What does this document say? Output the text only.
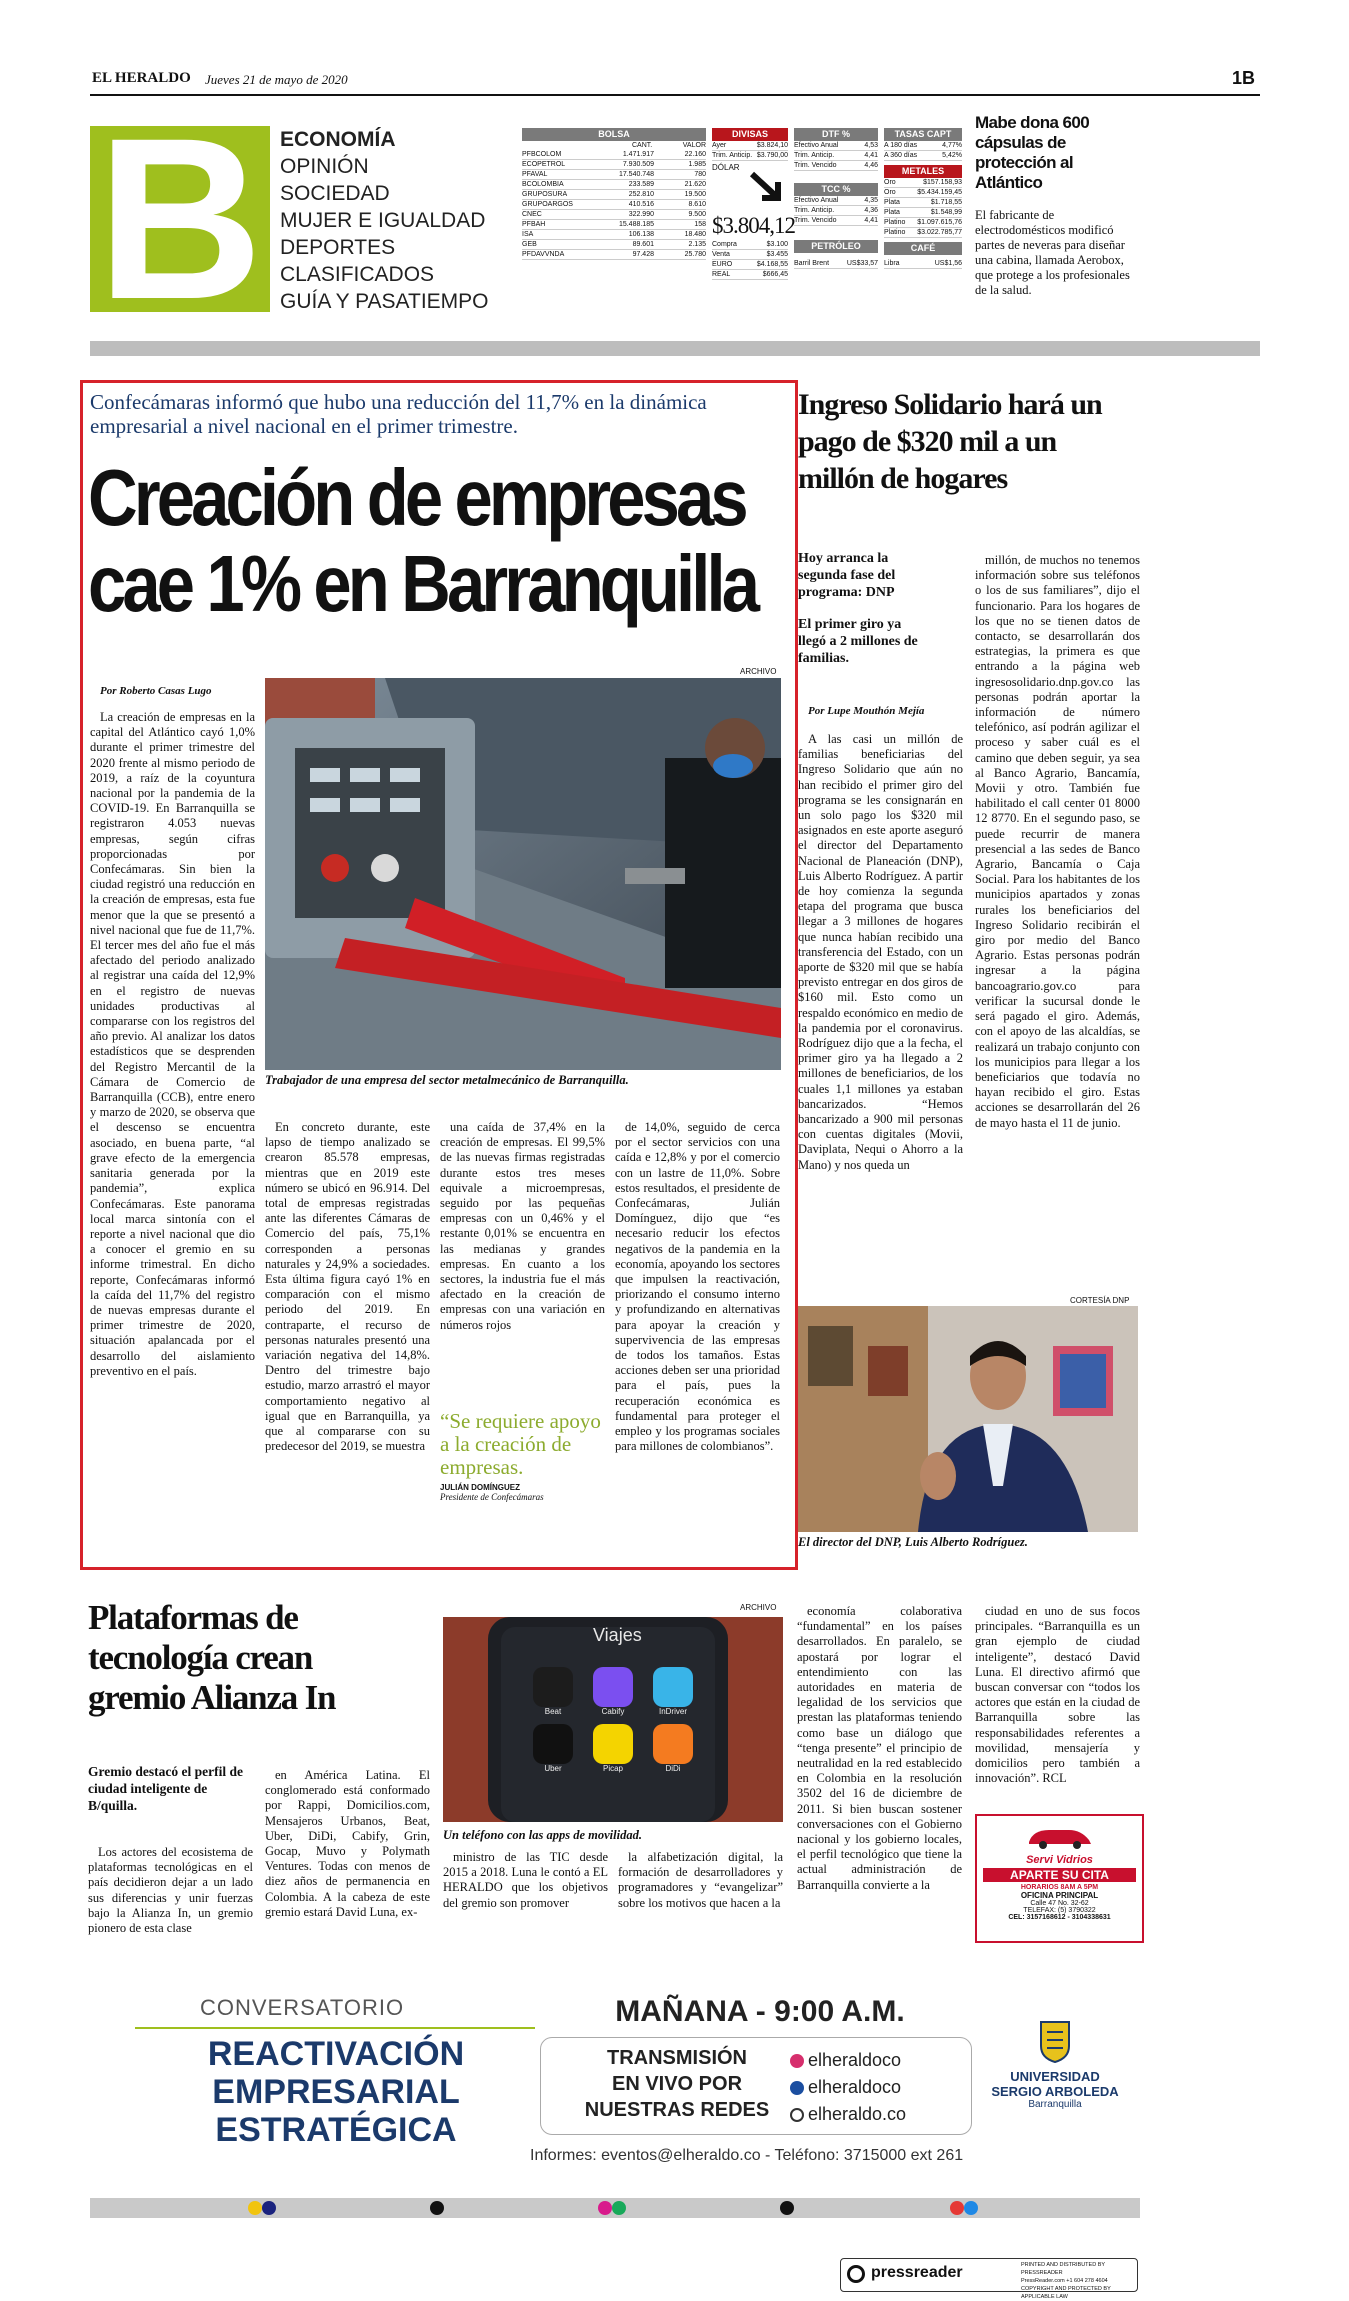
EL HERALDO Jueves 21 de mayo de 2020	1B
B ECONOMÍA
OPINIÓN
SOCIEDAD
MUJER E IGUALDAD
DEPORTES
CLASIFICADOS
GUÍA Y PASATIEMPO
BOLSA
CANT.	VALOR
PFBCOLOM	1.471.917	22.160
ECOPETROL	7.930.509	1.985
PFAVAL	17.540.748	780
BCOLOMBIA	233.589	21.620
GRUPOSURA	252.810	19.500
GRUPOARGOS	410.516	8.610
CNEC	322.990	9.500
PFBAH	15.488.185	158
ISA	106.138	18.480
GEB	89.601	2.135
PFDAVVNDA	97.428	25.780
DIVISAS
Ayer	$3.824,10
Trim. Anticip. $3.790,00
DÓLAR
$3.804,12
Compra	$3.100
Venta	$3.455
EURO	$4.168,55
REAL	$666,45
DTF %
Efectivo Anual	4,53
Trim. Anticip.	4,41
Trim. Vencido	4,46
TCC %
Efectivo Anual	4,35
Trim. Anticip.	4,36
Trim. Vencido	4,41
PETRÓLEO
Barril Brent	US$33,57
TASAS CAPT
A 180 días	4,77%
A 360 días	5,42%
METALES
Oro	$157.158,93
Oro	$5.434.159,45
Plata	$1.718,55
Plata	$1.548,99
Platino $1.097.615,76
Platino $3.022.785,77
CAFÉ
Libra	US$1,56
Mabe dona 600 cápsulas de protección al Atlántico
El fabricante de electrodomésticos modificó partes de neveras para diseñar una cabina, llamada Aerobox, que protege a los profesionales de la salud.
Confecámaras informó que hubo una reducción del 11,7% en la dinámica empresarial a nivel nacional en el primer trimestre.
Creación de empresas
cae 1% en Barranquilla
Por Roberto Casas Lugo
ARCHIVO
Trabajador de una empresa del sector metalmecánico de Barranquilla.

La creación de empresas en la capital del Atlántico cayó 1,0% durante el primer trimestre del 2020 frente al mismo periodo de 2019, a raíz de la coyuntura nacional por la pandemia de la COVID-19. En Barranquilla se registraron 4.053 nuevas empresas, según cifras proporcionadas por Confecámaras. Sin bien la ciudad registró una reducción en la creación de empresas, esta fue menor que la que se presentó a nivel nacional que fue de 11,7%. El tercer mes del año fue el más afectado del periodo analizado al registrar una caída del 12,9% en el registro de nuevas unidades productivas al compararse con los registros del año previo. Al analizar los datos estadísticos que se desprenden del Registro Mercantil de la Cámara de Comercio de Barranquilla (CCB), entre enero y marzo de 2020, se observa que el descenso se encuentra asociado, en buena parte, “al grave efecto de la emergencia sanitaria generada por la pandemia”, explica Confecámaras. Este panorama local marca sintonía con el reporte a nivel nacional que dio a conocer el gremio en su informe trimestral. En dicho reporte, Confecámaras informó la caída del 11,7% del registro de nuevas empresas durante el primer trimestre de 2020, situación apalancada por el desarrollo del aislamiento preventivo en el país.

En concreto durante, este lapso de tiempo analizado se crearon 85.578 empresas, mientras que en 2019 este número se ubicó en 96.914. Del total de empresas registradas ante las diferentes Cámaras de Comercio del país, 75,1% corresponden a personas naturales y 24,9% a sociedades. Esta última figura cayó 1% en comparación con el mismo periodo del 2019. En contraparte, el recurso de personas naturales presentó una variación negativa del 14,8%. Dentro del trimestre bajo estudio, marzo arrastró el mayor comportamiento negativo al igual que en Barranquilla, ya que al compararse con su predecesor del 2019, se muestra

una caída de 37,4% en la creación de empresas. El 99,5% de las nuevas firmas registradas durante estos tres meses equivale a microempresas, seguido por las pequeñas empresas con un 0,46% y el restante 0,01% se encuentra en las medianas y grandes empresas. En cuanto a los sectores, la industria fue el más afectado en la creación de empresas con una variación en números rojos

“Se requiere apoyo a la creación de empresas.
JULIÁN DOMÍNGUEZ
Presidente de Confecámaras

de 14,0%, seguido de cerca por el sector servicios con una caída e 12,8% y por el comercio con un lastre de 11,0%. Sobre estos resultados, el presidente de Confecámaras, Julián Domínguez, dijo que “es necesario reducir los efectos negativos de la pandemia en la economía, apoyando los sectores que impulsen la reactivación, priorizando el consumo interno y profundizando en alternativas para apoyar la creación y supervivencia de las empresas de todos los tamaños. Estas acciones deben ser una prioridad para el país, pues la recuperación económica es fundamental para proteger el empleo y los programas sociales para millones de colombianos”.

Ingreso Solidario hará un pago de $320 mil a un millón de hogares
Hoy arranca la segunda fase del programa: DNP
El primer giro ya llegó a 2 millones de familias.
Por Lupe Mouthón Mejía

A las casi un millón de familias beneficiarias del Ingreso Solidario que aún no han recibido el primer giro del programa se les consignarán en un solo pago los $320 mil asignados en este aporte aseguró el director del Departamento Nacional de Planeación (DNP), Luis Alberto Rodríguez. A partir de hoy comienza la segunda etapa del programa que busca llegar a 3 millones de hogares que nunca habían recibido una transferencia del Estado, con un aporte de $320 mil que se había previsto entregar en dos giros de $160 mil. Esto como un respaldo económico en medio de la pandemia por el coronavirus. Rodríguez dijo que a la fecha, el primer giro ya ha llegado a 2 millones de beneficiarios, de los cuales 1,1 millones ya estaban bancarizados. “Hemos bancarizado a 900 mil personas con cuentas digitales (Movii, Daviplata, Nequi o Ahorro a la Mano) y nos queda un

millón, de muchos no tenemos información sobre sus teléfonos o los de sus familiares”, dijo el funcionario. Para los hogares de los que no se tienen datos de contacto, se desarrollarán dos estrategias, la primera es que entrando a la página web ingresosolidario.dnp.gov.co las personas podrán aportar la información de número telefónico, así podrán agilizar el proceso y saber cuál es el camino que deben seguir, ya sea al Banco Agrario, Bancamía, Movii y otro. También fue habilitado el call center 01 8000 12 8770. En el segundo paso, se puede recurrir de manera presencial a las sedes de Banco Agrario, Bancamía o Caja Social. Para los habitantes de los municipios apartados y zonas rurales los beneficiarios del Ingreso Solidario recibirán el giro por medio del Banco Agrario. Estas personas podrán ingresar a la página bancoagrario.gov.co para verificar la sucursal donde le será pagado el giro. Además, con el apoyo de las alcaldías, se realizará un trabajo conjunto con los municipios para llegar a los beneficiarios que todavía no hayan recibido el giro. Estas acciones se desarrollarán del 26 de mayo hasta el 11 de junio.

CORTESÍA DNP
El director del DNP, Luis Alberto Rodríguez.
Plataformas de tecnología crean gremio Alianza In
Gremio destacó el perfil de ciudad inteligente de B/quilla.

Los actores del ecosistema de plataformas tecnológicas en el país decidieron dejar a un lado sus diferencias y unir fuerzas bajo la Alianza In, un gremio pionero de esta clase

en América Latina. El conglomerado está conformado por Rappi, Domicilios.com, Mensajeros Urbanos, Beat, Uber, DiDi, Cabify, Grin, Gocap, Muvo y Polymath Ventures. Todas con menos de diez años de permanencia en Colombia. A la cabeza de este gremio estará David Luna, ex-

ARCHIVO
Viajes
Beat	Cabify	InDriver
Uber	Picap	DiDi
Un teléfono con las apps de movilidad.

ministro de las TIC desde 2015 a 2018. Luna le contó a EL HERALDO que los objetivos del gremio son promover

la alfabetización digital, la formación de desarrolladores y programadores y “evangelizar” sobre los motivos que hacen a la

economía colaborativa “fundamental” en los países desarrollados. En paralelo, se apostará por lograr el entendimiento con las autoridades en materia de legalidad de los servicios que prestan las plataformas teniendo como base un diálogo que “tenga presente” el principio de neutralidad en la red establecido en Colombia en la resolución 3502 del 16 de diciembre de 2011. Si bien buscan sostener conversaciones con el Gobierno nacional y los gobierno locales, el perfil tecnológico que tiene la actual administración de Barranquilla convierte a la

ciudad en uno de sus focos principales. “Barranquilla es un gran ejemplo de ciudad inteligente”, destacó David Luna. El directivo afirmó que buscan conversar con “todos los actores que están en la ciudad de Barranquilla sobre las responsabilidades referentes a movilidad, mensajería y domicilios pero también a innovación”. RCL

Servi Vidrios
APARTE SU CITA
HORARIOS 8AM A 5PM
OFICINA PRINCIPAL
Calle 47 No. 32-62
TELEFAX: (5) 3790322
CEL: 3157168612 - 3104338631
CONVERSATORIO
REACTIVACIÓN
EMPRESARIAL
ESTRATÉGICA
MAÑANA - 9:00 A.M.
TRANSMISIÓN
EN VIVO POR
NUESTRAS REDES
elheraldoco
elheraldoco
elheraldo.co
UNIVERSIDAD
SERGIO ARBOLEDA
Barranquilla
Informes: eventos@elheraldo.co - Teléfono: 3715000 ext 261
pressreader	PRINTED AND DISTRIBUTED BY PRESSREADER
PressReader.com +1 604 278 4604
COPYRIGHT AND PROTECTED BY APPLICABLE LAW
